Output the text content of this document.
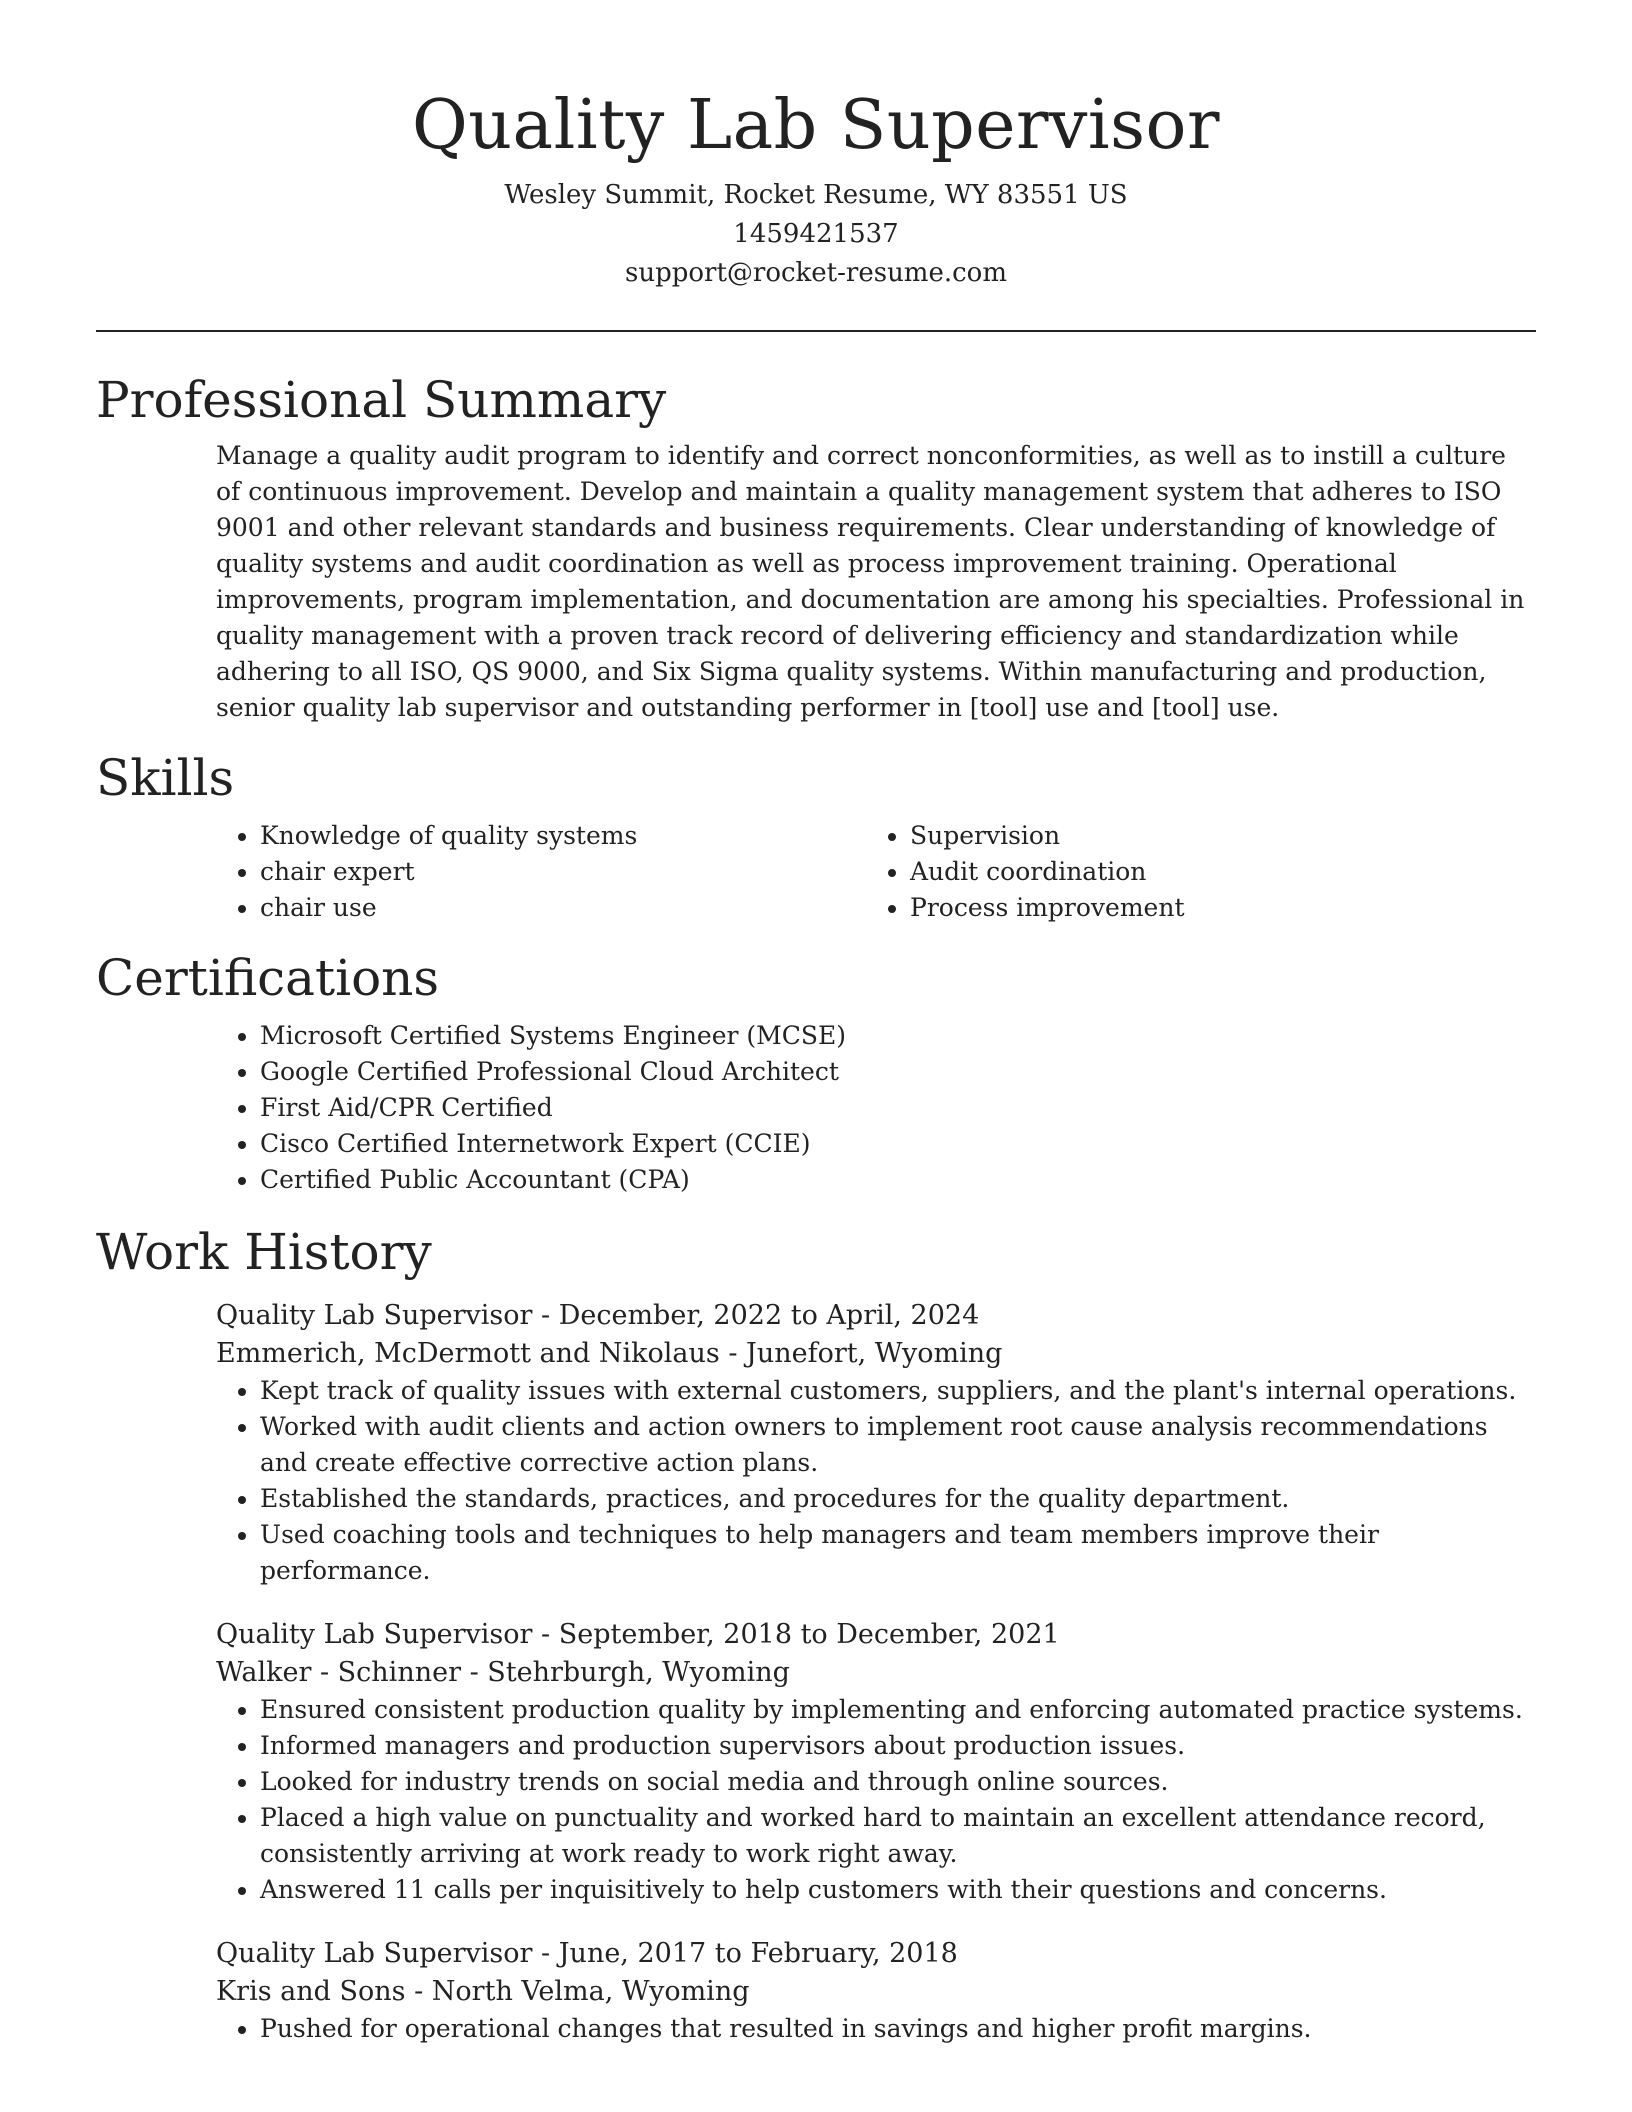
Quality Lab Supervisor

Wesley Summit, Rocket Resume, WY 83551 US

1459421537

support@rocket-resume.com

Professional Summary

Manage a quality audit program to identify and correct nonconformities, as well as to instill a culture of continuous improvement. Develop and maintain a quality management system that adheres to ISO 9001 and other relevant standards and business requirements. Clear understanding of knowledge of quality systems and audit coordination as well as process improvement training. Operational improvements, program implementation, and documentation are among his specialties. Professional in quality management with a proven track record of delivering efficiency and standardization while adhering to all ISO, QS 9000, and Six Sigma quality systems. Within manufacturing and production, senior quality lab supervisor and outstanding performer in [tool] use and [tool] use.

Skills
• Knowledge of quality systems
• chair expert
• chair use
• Supervision
• Audit coordination
• Process improvement
Certifications
• Microsoft Certified Systems Engineer (MCSE)
• Google Certified Professional Cloud Architect
• First Aid/CPR Certified
• Cisco Certified Internetwork Expert (CCIE)
• Certified Public Accountant (CPA)
Work History

Quality Lab Supervisor - December, 2022 to April, 2024

Emmerich, McDermott and Nikolaus - Junefort, Wyoming

• Kept track of quality issues with external customers, suppliers, and the plant's internal operations.
• Worked with audit clients and action owners to implement root cause analysis recommendations and create effective corrective action plans.
• Established the standards, practices, and procedures for the quality department.
• Used coaching tools and techniques to help managers and team members improve their performance.

Quality Lab Supervisor - September, 2018 to December, 2021

Walker - Schinner - Stehrburgh, Wyoming

• Ensured consistent production quality by implementing and enforcing automated practice systems.
• Informed managers and production supervisors about production issues.
• Looked for industry trends on social media and through online sources.
• Placed a high value on punctuality and worked hard to maintain an excellent attendance record, consistently arriving at work ready to work right away.
• Answered 11 calls per inquisitively to help customers with their questions and concerns.

Quality Lab Supervisor - June, 2017 to February, 2018

Kris and Sons - North Velma, Wyoming

• Pushed for operational changes that resulted in savings and higher profit margins.
